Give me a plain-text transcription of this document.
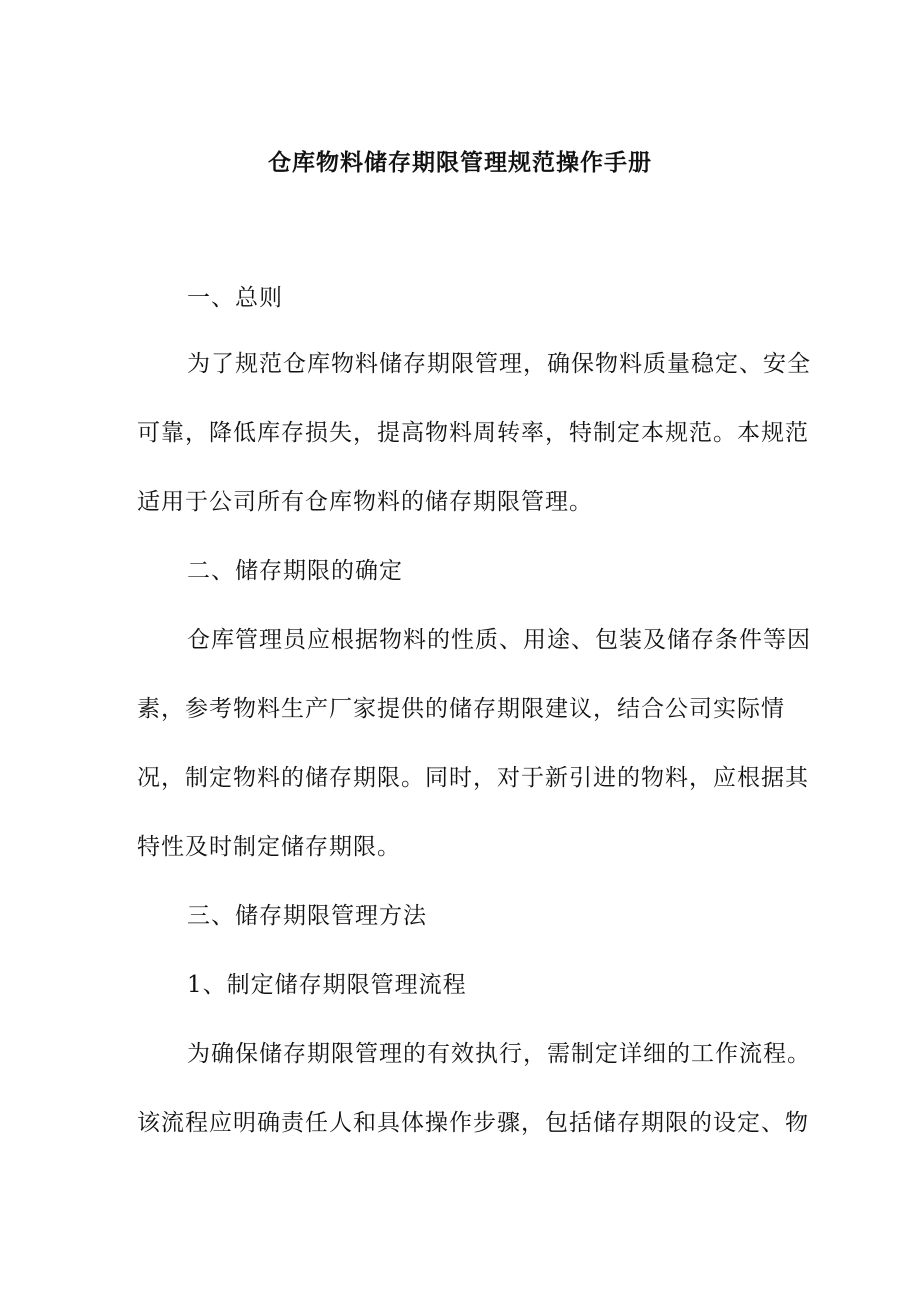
仓库物料储存期限管理规范操作手册
一、总则
为了规范仓库物料储存期限管理，确保物料质量稳定、安全
可靠，降低库存损失，提高物料周转率，特制定本规范。本规范
适用于公司所有仓库物料的储存期限管理。
二、储存期限的确定
仓库管理员应根据物料的性质、用途、包装及储存条件等因
素，参考物料生产厂家提供的储存期限建议，结合公司实际情
况，制定物料的储存期限。同时，对于新引进的物料，应根据其
特性及时制定储存期限。
三、储存期限管理方法
1、制定储存期限管理流程
为确保储存期限管理的有效执行，需制定详细的工作流程。
该流程应明确责任人和具体操作步骤，包括储存期限的设定、物
